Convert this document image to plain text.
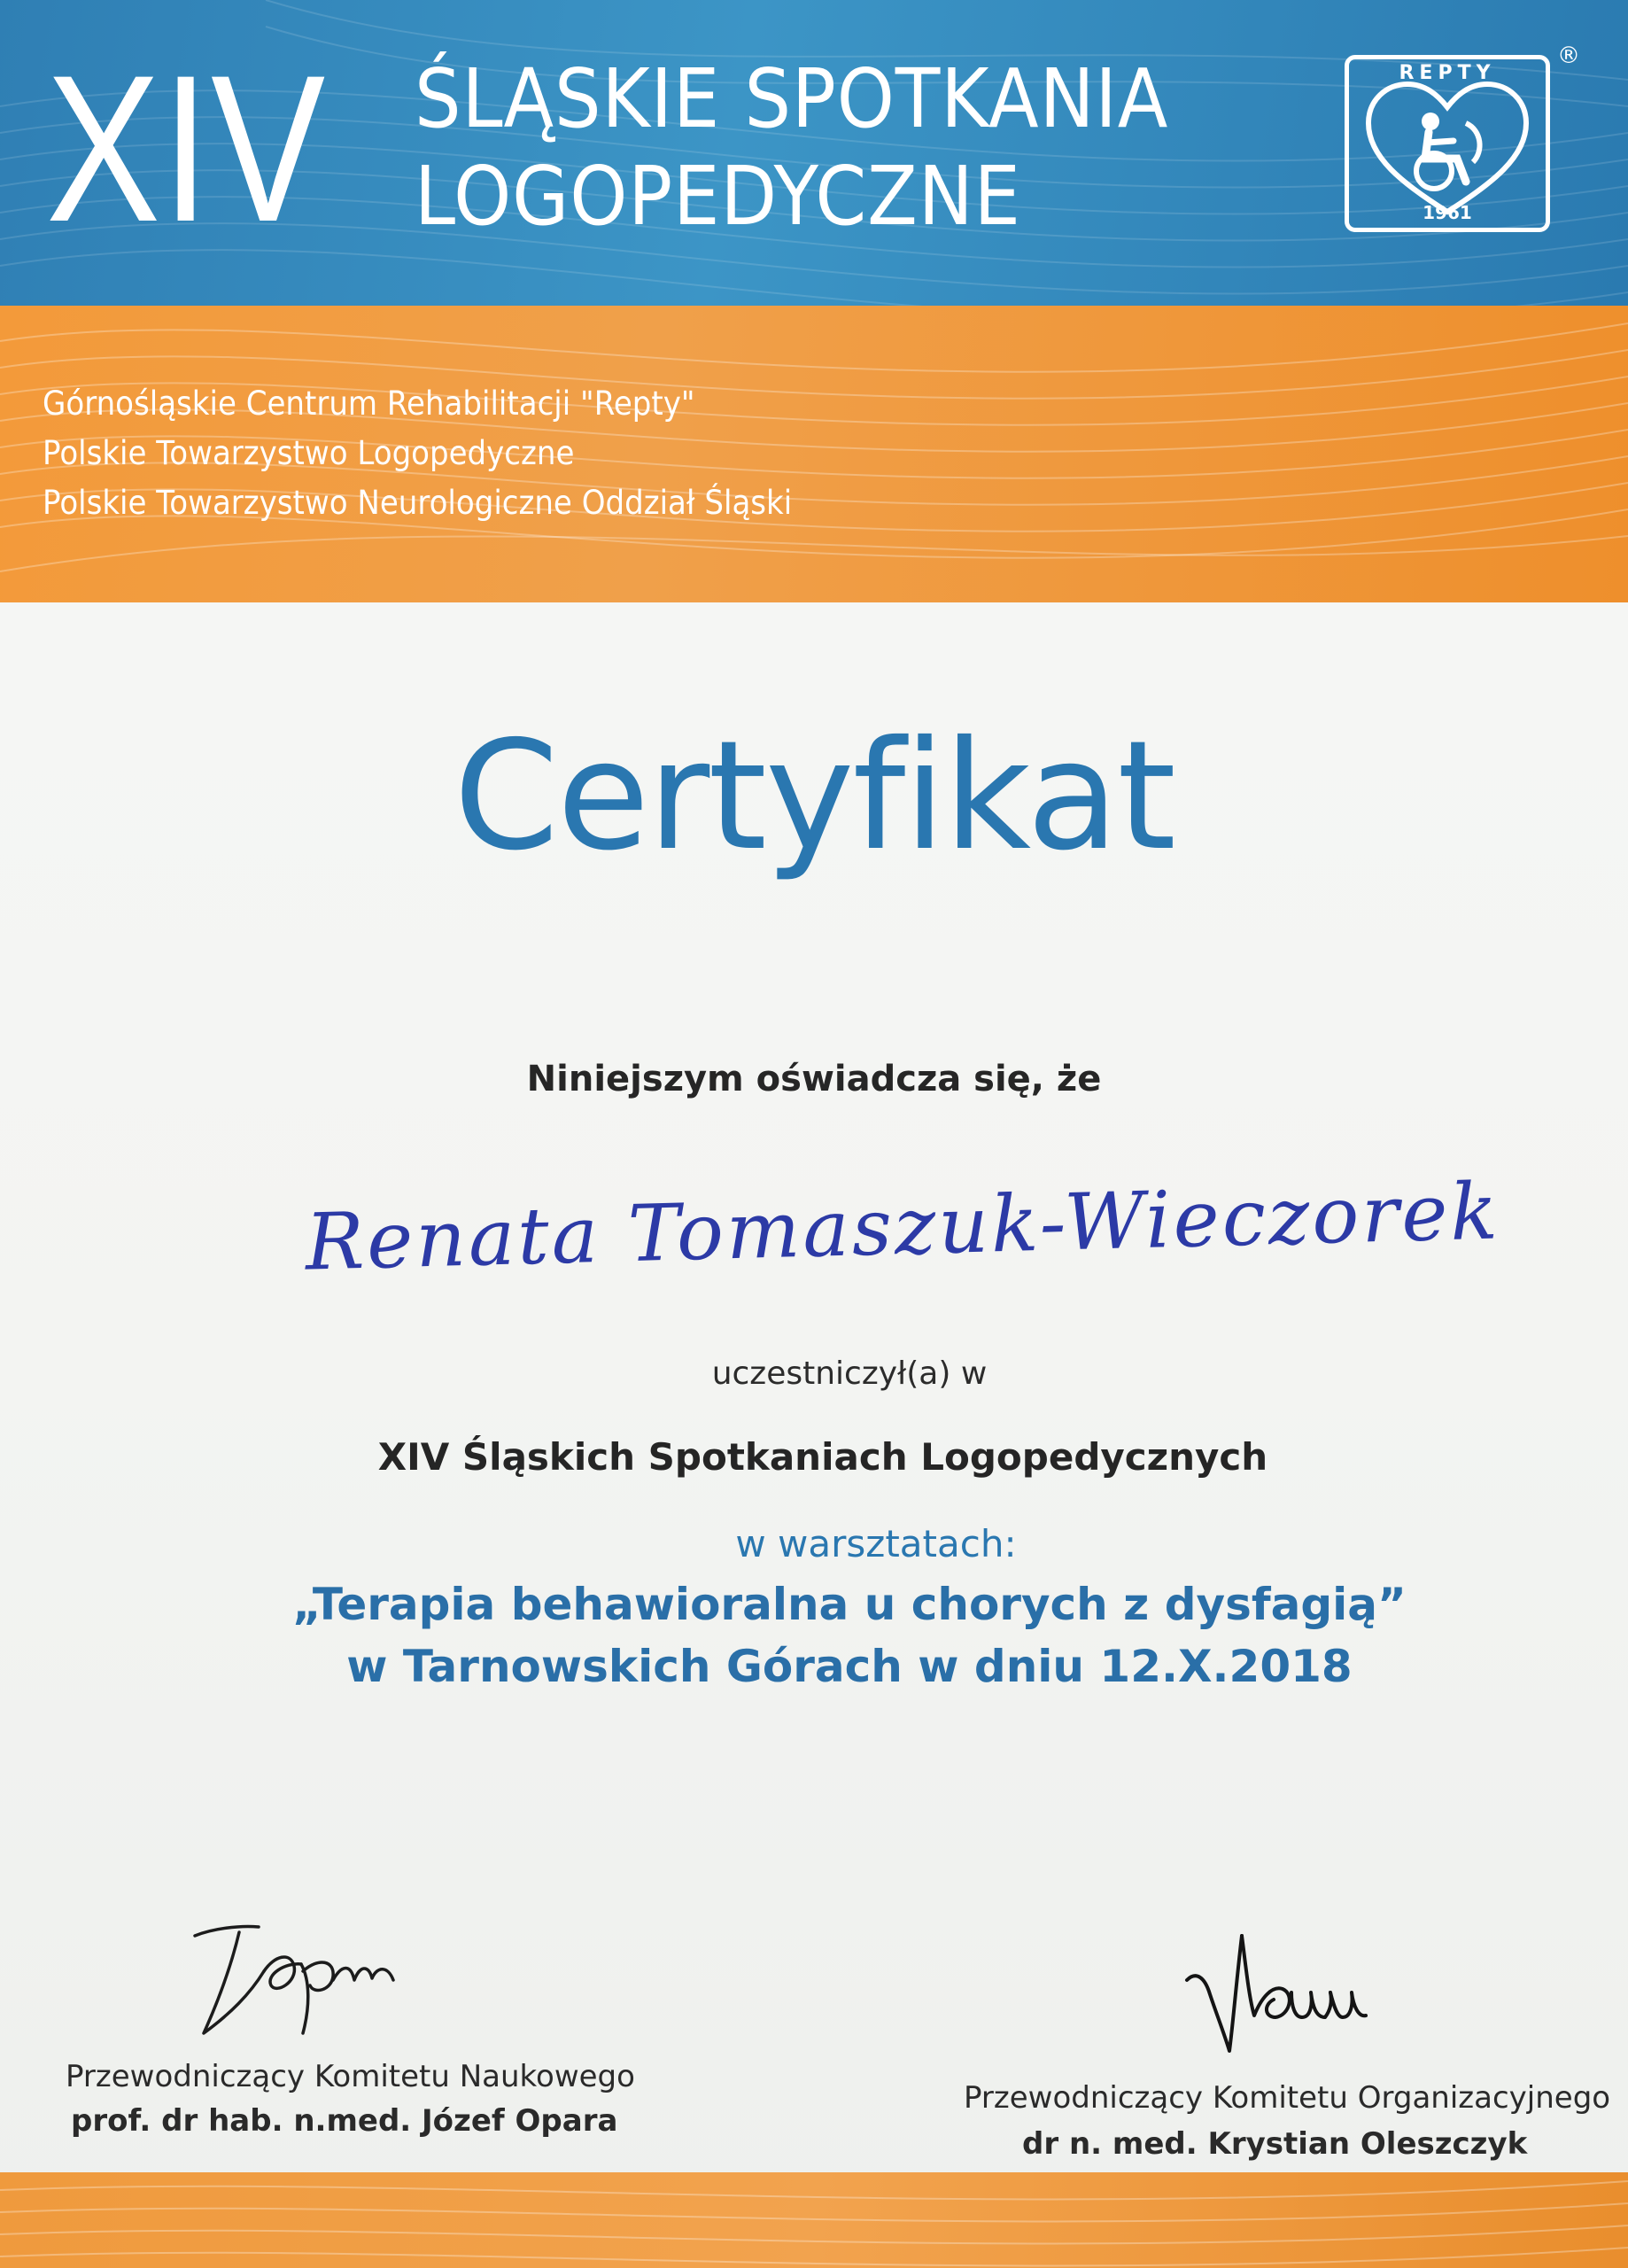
XIV ŚLĄSKIE SPOTKANIA
LOGOPEDYCZNE
REPTY
1961
®
Górnośląskie Centrum Rehabilitacji "Repty"
Polskie Towarzystwo Logopedyczne
Polskie Towarzystwo Neurologiczne Oddział Śląski
Certyfikat
Niniejszym oświadcza się, że
Renata Tomaszuk-Wieczorek
uczestniczył(a) w
XIV Śląskich Spotkaniach Logopedycznych
w warsztatach:
„Terapia behawioralna u chorych z dysfagią”
w Tarnowskich Górach w dniu 12.X.2018
Przewodniczący Komitetu Naukowego
prof. dr hab. n.med. Józef Opara
Przewodniczący Komitetu Organizacyjnego
dr n. med. Krystian Oleszczyk
